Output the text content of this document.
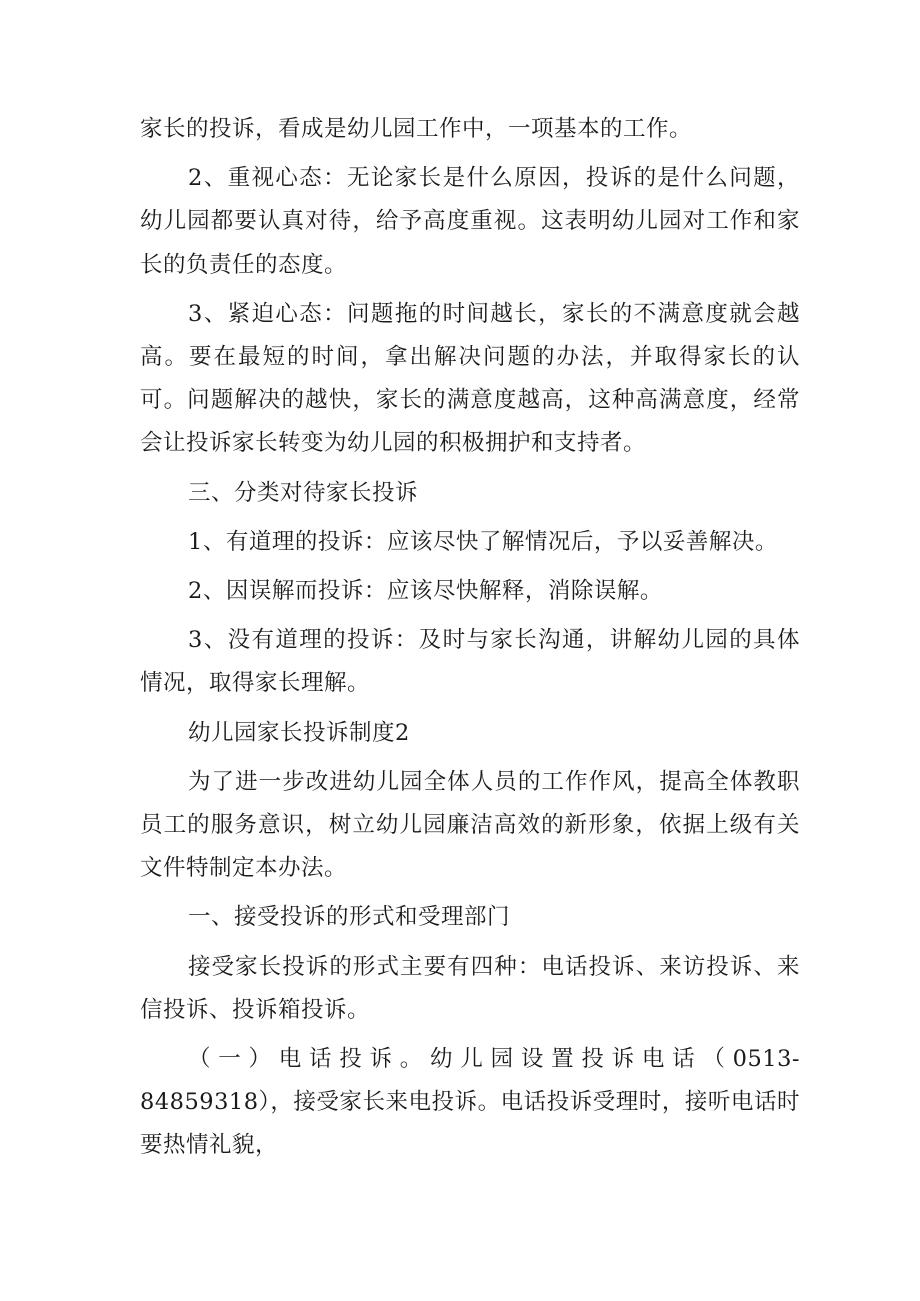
家长的投诉，看成是幼儿园工作中，一项基本的工作。

2、重视心态：无论家长是什么原因，投诉的是什么问题，幼儿园都要认真对待，给予高度重视。这表明幼儿园对工作和家长的负责任的态度。

3、紧迫心态：问题拖的时间越长，家长的不满意度就会越高。要在最短的时间，拿出解决问题的办法，并取得家长的认可。问题解决的越快，家长的满意度越高，这种高满意度，经常会让投诉家长转变为幼儿园的积极拥护和支持者。

三、分类对待家长投诉

1、有道理的投诉：应该尽快了解情况后，予以妥善解决。

2、因误解而投诉：应该尽快解释，消除误解。

3、没有道理的投诉：及时与家长沟通，讲解幼儿园的具体情况，取得家长理解。

幼儿园家长投诉制度2

为了进一步改进幼儿园全体人员的工作作风，提高全体教职员工的服务意识，树立幼儿园廉洁高效的新形象，依据上级有关文件特制定本办法。

一、接受投诉的形式和受理部门

接受家长投诉的形式主要有四种：电话投诉、来访投诉、来信投诉、投诉箱投诉。

（一）电话投诉。幼儿园设置投诉电话（0513-84859318），接受家长来电投诉。电话投诉受理时，接听电话时要热情礼貌，
